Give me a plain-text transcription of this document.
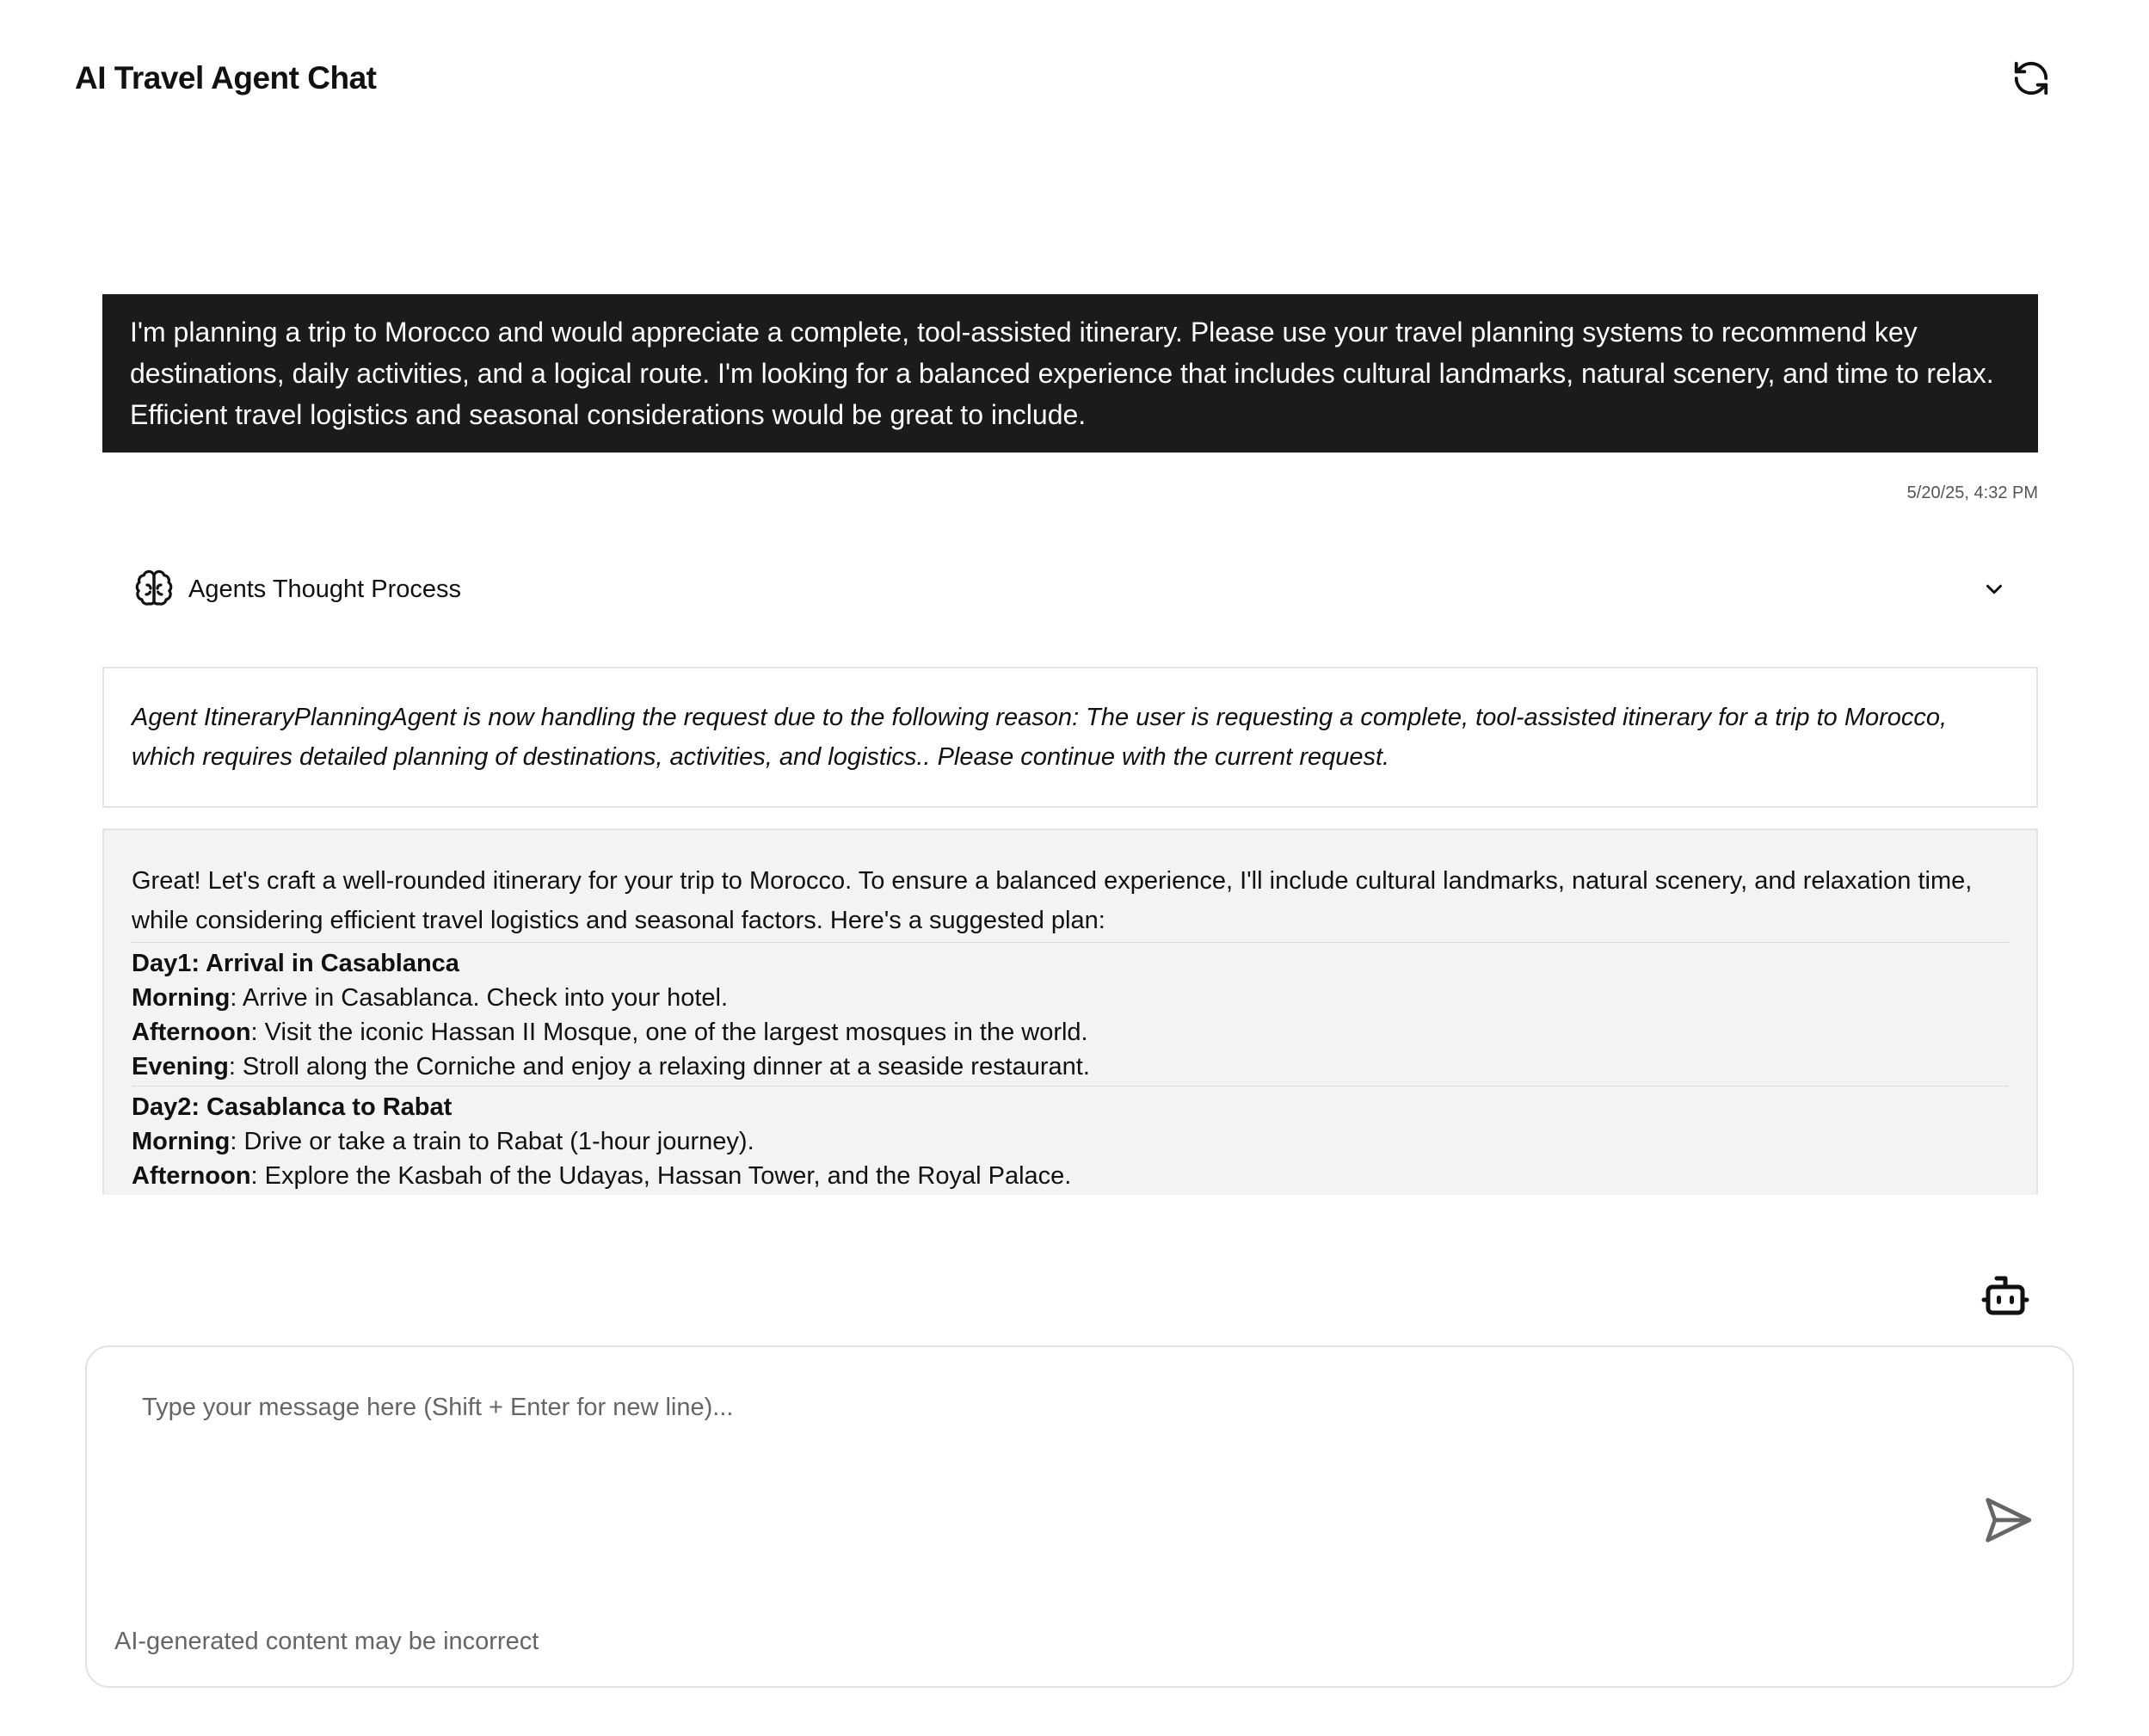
AI Travel Agent Chat
I'm planning a trip to Morocco and would appreciate a complete, tool-assisted itinerary. Please use your travel planning systems to recommend key destinations, daily activities, and a logical route. I'm looking for a balanced experience that includes cultural landmarks, natural scenery, and time to relax. Efficient travel logistics and seasonal considerations would be great to include.
5/20/25, 4:32 PM
Agents Thought Process
Agent ItineraryPlanningAgent is now handling the request due to the following reason: The user is requesting a complete, tool-assisted itinerary for a trip to Morocco, which requires detailed planning of destinations, activities, and logistics.. Please continue with the current request.
Great! Let's craft a well-rounded itinerary for your trip to Morocco. To ensure a balanced experience, I'll include cultural landmarks, natural scenery, and relaxation time, while considering efficient travel logistics and seasonal factors. Here's a suggested plan:
Day1: Arrival in Casablanca
Morning: Arrive in Casablanca. Check into your hotel.
Afternoon: Visit the iconic Hassan II Mosque, one of the largest mosques in the world.
Evening: Stroll along the Corniche and enjoy a relaxing dinner at a seaside restaurant.
Day2: Casablanca to Rabat
Morning: Drive or take a train to Rabat (1-hour journey).
Afternoon: Explore the Kasbah of the Udayas, Hassan Tower, and the Royal Palace.
Type your message here (Shift + Enter for new line)...
AI-generated content may be incorrect
